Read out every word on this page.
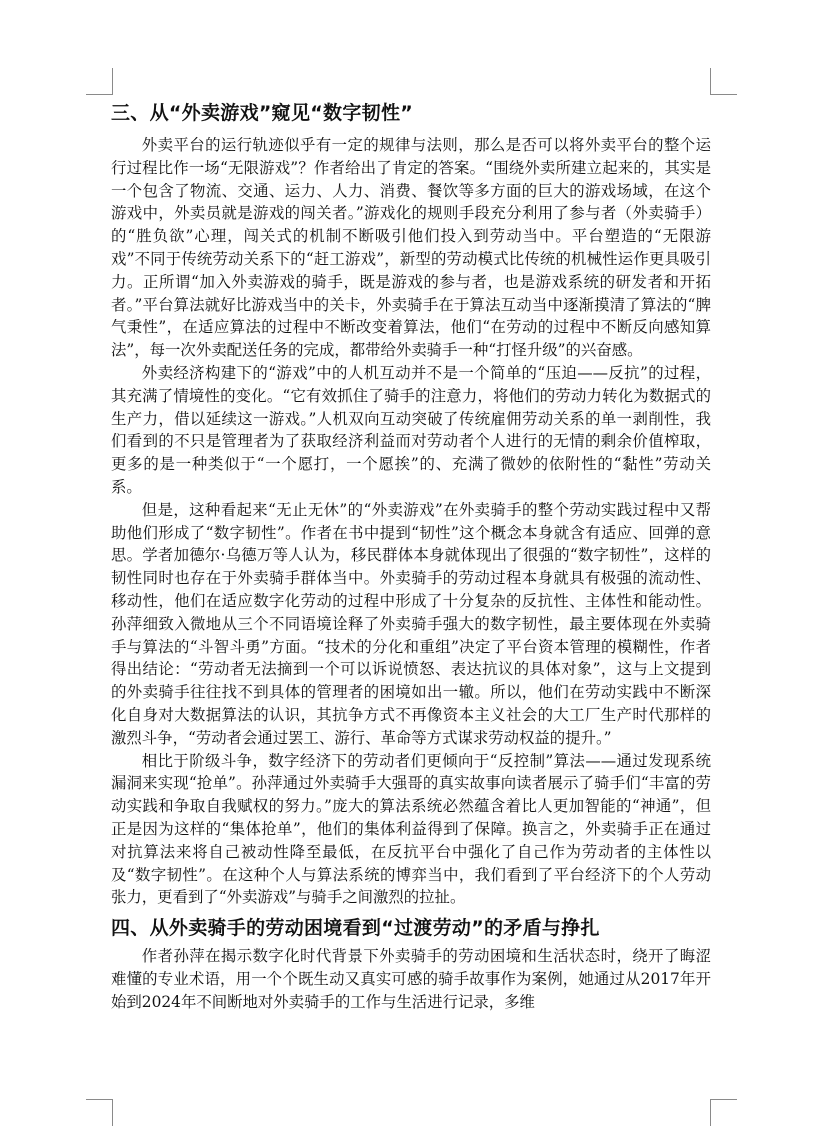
三、从“外卖游戏”窥见“数字韧性”

外卖平台的运行轨迹似乎有一定的规律与法则，那么是否可以将外卖平台的整个运行过程比作一场“无限游戏”？作者给出了肯定的答案。“围绕外卖所建立起来的，其实是一个包含了物流、交通、运力、人力、消费、餐饮等多方面的巨大的游戏场域，在这个游戏中，外卖员就是游戏的闯关者。”游戏化的规则手段充分利用了参与者（外卖骑手）的“胜负欲”心理，闯关式的机制不断吸引他们投入到劳动当中。平台塑造的“无限游戏”不同于传统劳动关系下的“赶工游戏”，新型的劳动模式比传统的机械性运作更具吸引力。正所谓“加入外卖游戏的骑手，既是游戏的参与者，也是游戏系统的研发者和开拓者。”平台算法就好比游戏当中的关卡，外卖骑手在于算法互动当中逐渐摸清了算法的“脾气秉性”，在适应算法的过程中不断改变着算法，他们“在劳动的过程中不断反向感知算法”，每一次外卖配送任务的完成，都带给外卖骑手一种“打怪升级”的兴奋感。

外卖经济构建下的“游戏”中的人机互动并不是一个简单的“压迫——反抗”的过程，其充满了情境性的变化。“它有效抓住了骑手的注意力，将他们的劳动力转化为数据式的生产力，借以延续这一游戏。”人机双向互动突破了传统雇佣劳动关系的单一剥削性，我们看到的不只是管理者为了获取经济利益而对劳动者个人进行的无情的剩余价值榨取，更多的是一种类似于“一个愿打，一个愿挨”的、充满了微妙的依附性的“黏性”劳动关系。

但是，这种看起来“无止无休”的“外卖游戏”在外卖骑手的整个劳动实践过程中又帮助他们形成了“数字韧性”。作者在书中提到“韧性”这个概念本身就含有适应、回弹的意思。学者加德尔·乌德万等人认为，移民群体本身就体现出了很强的“数字韧性”，这样的韧性同时也存在于外卖骑手群体当中。外卖骑手的劳动过程本身就具有极强的流动性、移动性，他们在适应数字化劳动的过程中形成了十分复杂的反抗性、主体性和能动性。孙萍细致入微地从三个不同语境诠释了外卖骑手强大的数字韧性，最主要体现在外卖骑手与算法的“斗智斗勇”方面。“技术的分化和重组”决定了平台资本管理的模糊性，作者得出结论：“劳动者无法摘到一个可以诉说愤怒、表达抗议的具体对象”，这与上文提到的外卖骑手往往找不到具体的管理者的困境如出一辙。所以，他们在劳动实践中不断深化自身对大数据算法的认识，其抗争方式不再像资本主义社会的大工厂生产时代那样的激烈斗争，“劳动者会通过罢工、游行、革命等方式谋求劳动权益的提升。”

相比于阶级斗争，数字经济下的劳动者们更倾向于“反控制”算法——通过发现系统漏洞来实现“抢单”。孙萍通过外卖骑手大强哥的真实故事向读者展示了骑手们“丰富的劳动实践和争取自我赋权的努力。”庞大的算法系统必然蕴含着比人更加智能的“神通”，但正是因为这样的“集体抢单”，他们的集体利益得到了保障。换言之，外卖骑手正在通过对抗算法来将自己被动性降至最低，在反抗平台中强化了自己作为劳动者的主体性以及“数字韧性”。在这种个人与算法系统的博弈当中，我们看到了平台经济下的个人劳动张力，更看到了“外卖游戏”与骑手之间激烈的拉扯。

四、从外卖骑手的劳动困境看到“过渡劳动”的矛盾与挣扎

作者孙萍在揭示数字化时代背景下外卖骑手的劳动困境和生活状态时，绕开了晦涩难懂的专业术语，用一个个既生动又真实可感的骑手故事作为案例，她通过从2017年开始到2024年不间断地对外卖骑手的工作与生活进行记录，多维
